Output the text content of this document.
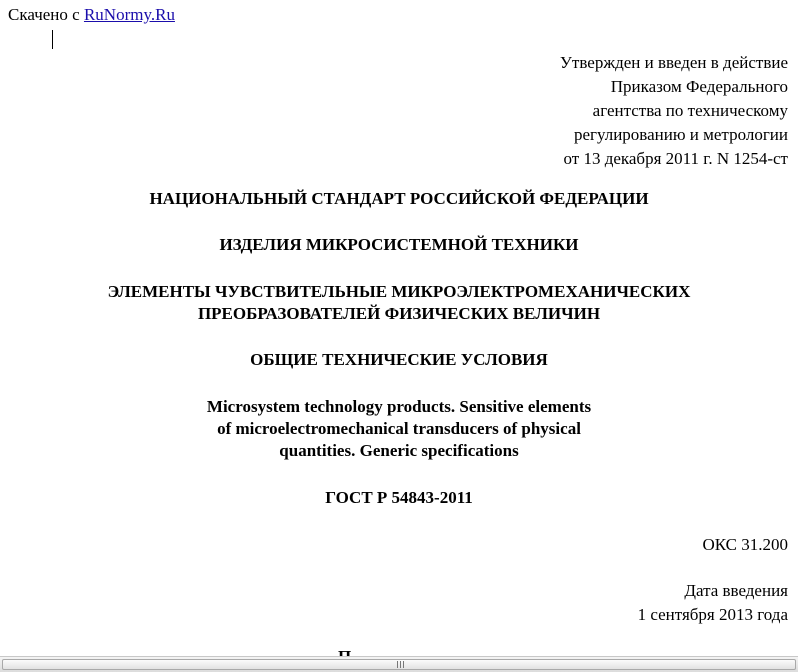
Скачено с RuNormy.Ru
Утвержден и введен в действие
Приказом Федерального
агентства по техническому
регулированию и метрологии
от 13 декабря 2011 г. N 1254-ст
НАЦИОНАЛЬНЫЙ СТАНДАРТ РОССИЙСКОЙ ФЕДЕРАЦИИ
ИЗДЕЛИЯ МИКРОСИСТЕМНОЙ ТЕХНИКИ
ЭЛЕМЕНТЫ ЧУВСТВИТЕЛЬНЫЕ МИКРОЭЛЕКТРОМЕХАНИЧЕСКИХ
ПРЕОБРАЗОВАТЕЛЕЙ ФИЗИЧЕСКИХ ВЕЛИЧИН
ОБЩИЕ ТЕХНИЧЕСКИЕ УСЛОВИЯ
Microsystem technology products. Sensitive elements
of microelectromechanical transducers of physical
quantities. Generic specifications
ГОСТ Р 54843-2011
ОКС 31.200
Дата введения
1 сентября 2013 года
